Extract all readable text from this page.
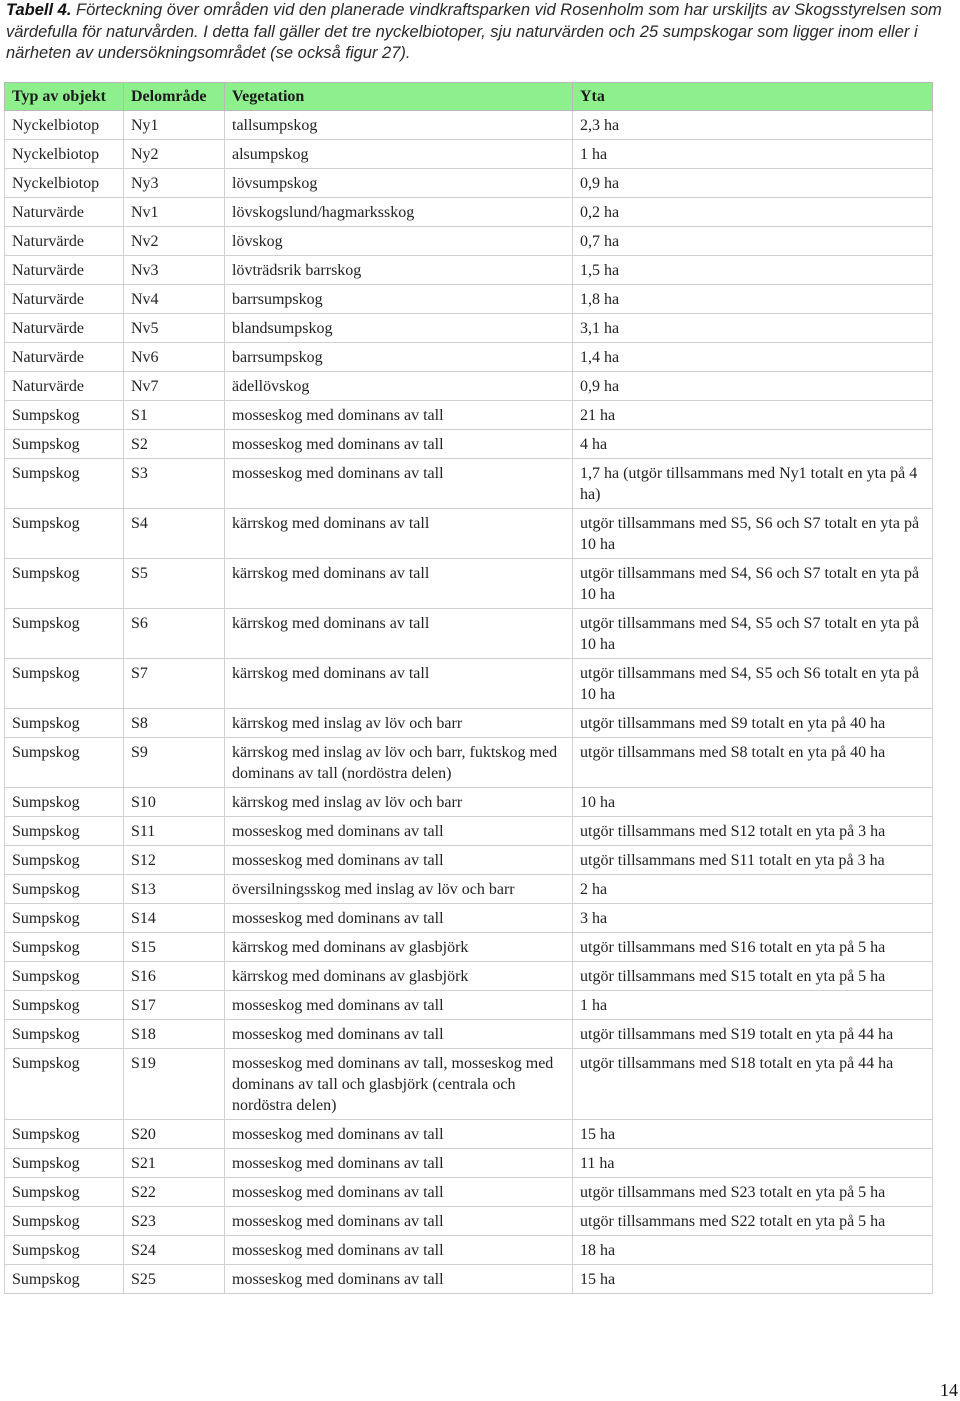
Tabell 4. Förteckning över områden vid den planerade vindkraftsparken vid Rosenholm som har urskiljts av Skogsstyrelsen som värdefulla för naturvården. I detta fall gäller det tre nyckelbiotoper, sju naturvärden och 25 sumpskogar som ligger inom eller i närheten av undersökningsområdet (se också figur 27).
Typ av objekt	Delområde	Vegetation	Yta
Nyckelbiotop	Ny1	tallsumpskog	2,3 ha
Nyckelbiotop	Ny2	alsumpskog	1 ha
Nyckelbiotop	Ny3	lövsumpskog	0,9 ha
Naturvärde	Nv1	lövskogslund/hagmarksskog	0,2 ha
Naturvärde	Nv2	lövskog	0,7 ha
Naturvärde	Nv3	lövträdsrik barrskog	1,5 ha
Naturvärde	Nv4	barrsumpskog	1,8 ha
Naturvärde	Nv5	blandsumpskog	3,1 ha
Naturvärde	Nv6	barrsumpskog	1,4 ha
Naturvärde	Nv7	ädellövskog	0,9 ha
Sumpskog	S1	mosseskog med dominans av tall	21 ha
Sumpskog	S2	mosseskog med dominans av tall	4 ha
Sumpskog	S3	mosseskog med dominans av tall	1,7 ha (utgör tillsammans med Ny1 totalt en yta på 4 ha)
Sumpskog	S4	kärrskog med dominans av tall	utgör tillsammans med S5, S6 och S7 totalt en yta på 10 ha
Sumpskog	S5	kärrskog med dominans av tall	utgör tillsammans med S4, S6 och S7 totalt en yta på 10 ha
Sumpskog	S6	kärrskog med dominans av tall	utgör tillsammans med S4, S5 och S7 totalt en yta på 10 ha
Sumpskog	S7	kärrskog med dominans av tall	utgör tillsammans med S4, S5 och S6 totalt en yta på 10 ha
Sumpskog	S8	kärrskog med inslag av löv och barr	utgör tillsammans med S9 totalt en yta på 40 ha
Sumpskog	S9	kärrskog med inslag av löv och barr, fuktskog med dominans av tall (nordöstra delen)	utgör tillsammans med S8 totalt en yta på 40 ha
Sumpskog	S10	kärrskog med inslag av löv och barr	10 ha
Sumpskog	S11	mosseskog med dominans av tall	utgör tillsammans med S12 totalt en yta på 3 ha
Sumpskog	S12	mosseskog med dominans av tall	utgör tillsammans med S11 totalt en yta på 3 ha
Sumpskog	S13	översilningsskog med inslag av löv och barr	2 ha
Sumpskog	S14	mosseskog med dominans av tall	3 ha
Sumpskog	S15	kärrskog med dominans av glasbjörk	utgör tillsammans med S16 totalt en yta på 5 ha
Sumpskog	S16	kärrskog med dominans av glasbjörk	utgör tillsammans med S15 totalt en yta på 5 ha
Sumpskog	S17	mosseskog med dominans av tall	1 ha
Sumpskog	S18	mosseskog med dominans av tall	utgör tillsammans med S19 totalt en yta på 44 ha
Sumpskog	S19	mosseskog med dominans av tall, mosseskog med dominans av tall och glasbjörk (centrala och nordöstra delen)	utgör tillsammans med S18 totalt en yta på 44 ha
Sumpskog	S20	mosseskog med dominans av tall	15 ha
Sumpskog	S21	mosseskog med dominans av tall	11 ha
Sumpskog	S22	mosseskog med dominans av tall	utgör tillsammans med S23 totalt en yta på 5 ha
Sumpskog	S23	mosseskog med dominans av tall	utgör tillsammans med S22 totalt en yta på 5 ha
Sumpskog	S24	mosseskog med dominans av tall	18 ha
Sumpskog	S25	mosseskog med dominans av tall	15 ha
14
